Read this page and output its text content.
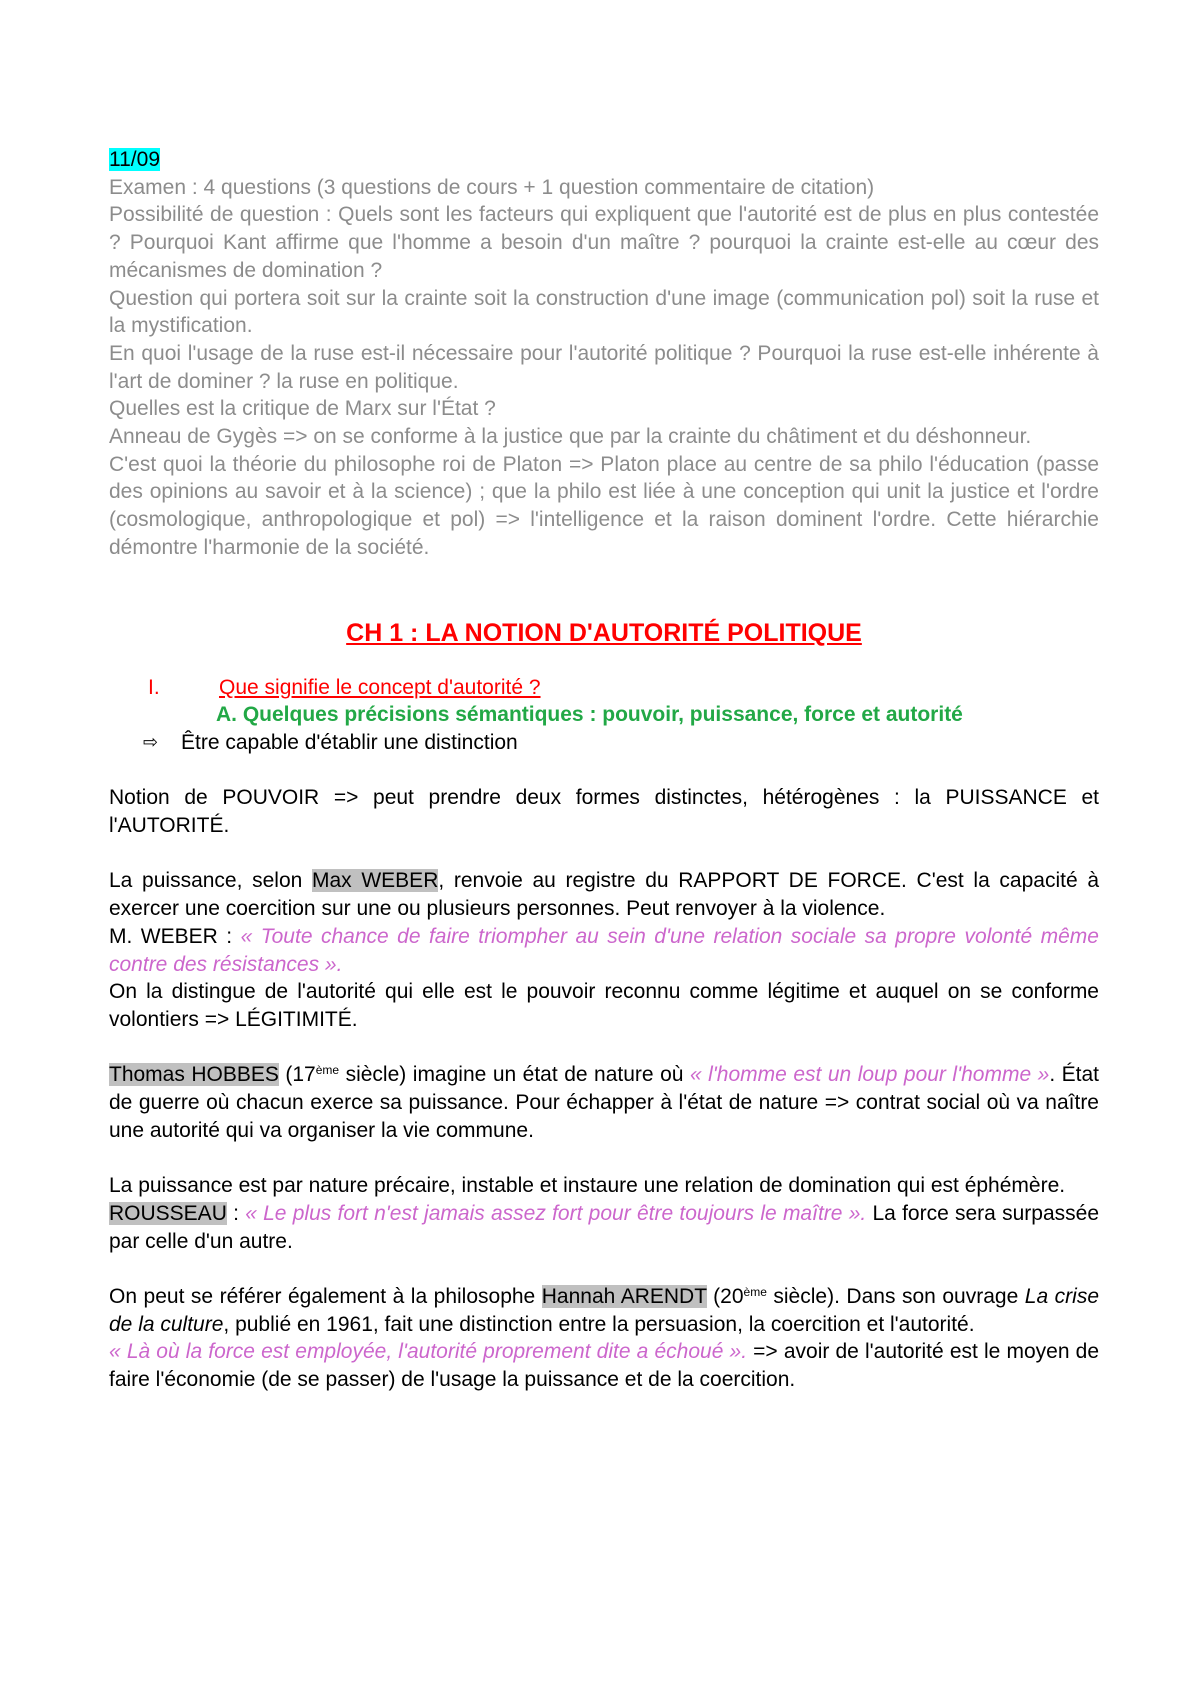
11/09

Examen : 4 questions (3 questions de cours + 1 question commentaire de citation)

Possibilité de question : Quels sont les facteurs qui expliquent que l'autorité est de plus en plus contestée ? Pourquoi Kant affirme que l'homme a besoin d'un maître ? pourquoi la crainte est-elle au cœur des mécanismes de domination ?

Question qui portera soit sur la crainte soit la construction d'une image (communication pol) soit la ruse et la mystification.

En quoi l'usage de la ruse est-il nécessaire pour l'autorité politique ? Pourquoi la ruse est-elle inhérente à l'art de dominer ? la ruse en politique.

Quelles est la critique de Marx sur l'État ?

Anneau de Gygès => on se conforme à la justice que par la crainte du châtiment et du déshonneur.

C'est quoi la théorie du philosophe roi de Platon => Platon place au centre de sa philo l'éducation (passe des opinions au savoir et à la science) ; que la philo est liée à une conception qui unit la justice et l'ordre (cosmologique, anthropologique et pol) => l'intelligence et la raison dominent l'ordre. Cette hiérarchie démontre l'harmonie de la société.

CH 1 : LA NOTION D'AUTORITÉ POLITIQUE
I.	Que signifie le concept d'autorité ?
A. Quelques précisions sémantiques : pouvoir, puissance, force et autorité
⇨ Être capable d'établir une distinction

Notion de POUVOIR => peut prendre deux formes distinctes, hétérogènes : la PUISSANCE et l'AUTORITÉ.

La puissance, selon Max WEBER, renvoie au registre du RAPPORT DE FORCE. C'est la capacité à exercer une coercition sur une ou plusieurs personnes. Peut renvoyer à la violence.

M. WEBER : « Toute chance de faire triompher au sein d'une relation sociale sa propre volonté même contre des résistances ».

On la distingue de l'autorité qui elle est le pouvoir reconnu comme légitime et auquel on se conforme volontiers => LÉGITIMITÉ.

Thomas HOBBES (17ème siècle) imagine un état de nature où « l'homme est un loup pour l'homme ». État de guerre où chacun exerce sa puissance. Pour échapper à l'état de nature => contrat social où va naître une autorité qui va organiser la vie commune.

La puissance est par nature précaire, instable et instaure une relation de domination qui est éphémère.

ROUSSEAU : « Le plus fort n'est jamais assez fort pour être toujours le maître ». La force sera surpassée par celle d'un autre.

On peut se référer également à la philosophe Hannah ARENDT (20ème siècle). Dans son ouvrage La crise de la culture, publié en 1961, fait une distinction entre la persuasion, la coercition et l'autorité.

« Là où la force est employée, l'autorité proprement dite a échoué ». => avoir de l'autorité est le moyen de faire l'économie (de se passer) de l'usage la puissance et de la coercition.
